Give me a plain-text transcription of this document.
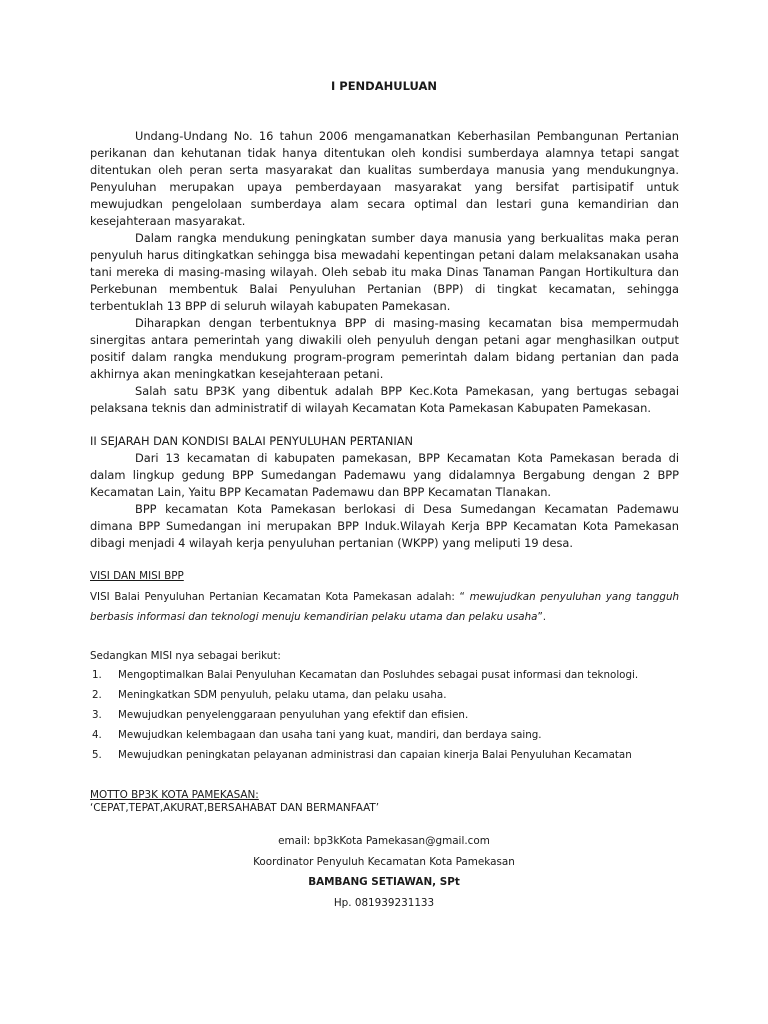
I PENDAHULUAN

Undang-Undang No. 16 tahun 2006 mengamanatkan Keberhasilan Pembangunan Pertanian perikanan dan kehutanan tidak hanya ditentukan oleh kondisi sumberdaya alamnya tetapi sangat ditentukan oleh peran serta masyarakat dan kualitas sumberdaya manusia yang mendukungnya. Penyuluhan merupakan upaya pemberdayaan masyarakat yang bersifat partisipatif untuk mewujudkan pengelolaan sumberdaya alam secara optimal dan lestari guna kemandirian dan kesejahteraan masyarakat.

Dalam rangka mendukung peningkatan sumber daya manusia yang berkualitas maka peran penyuluh harus ditingkatkan sehingga bisa mewadahi kepentingan petani dalam melaksanakan usaha tani mereka di masing-masing wilayah. Oleh sebab itu maka Dinas Tanaman Pangan Hortikultura dan Perkebunan membentuk Balai Penyuluhan Pertanian (BPP) di tingkat kecamatan, sehingga terbentuklah 13 BPP di seluruh wilayah kabupaten Pamekasan.

Diharapkan dengan terbentuknya BPP di masing-masing kecamatan bisa mempermudah sinergitas antara pemerintah yang diwakili oleh penyuluh dengan petani agar menghasilkan output positif dalam rangka mendukung program-program pemerintah dalam bidang pertanian dan pada akhirnya akan meningkatkan kesejahteraan petani.

Salah satu BP3K yang dibentuk adalah BPP Kec.Kota Pamekasan, yang bertugas sebagai pelaksana teknis dan administratif di wilayah Kecamatan Kota Pamekasan Kabupaten Pamekasan.

II SEJARAH DAN KONDISI BALAI PENYULUHAN PERTANIAN

Dari 13 kecamatan di kabupaten pamekasan, BPP Kecamatan Kota Pamekasan berada di dalam lingkup gedung BPP Sumedangan Pademawu yang didalamnya Bergabung dengan 2 BPP Kecamatan Lain, Yaitu BPP Kecamatan Pademawu dan BPP Kecamatan Tlanakan.

BPP kecamatan Kota Pamekasan berlokasi di Desa Sumedangan Kecamatan Pademawu dimana BPP Sumedangan ini merupakan BPP Induk.Wilayah Kerja BPP Kecamatan Kota Pamekasan dibagi menjadi 4 wilayah kerja penyuluhan pertanian (WKPP) yang meliputi 19 desa.

VISI DAN MISI BPP

VISI Balai Penyuluhan Pertanian Kecamatan Kota Pamekasan adalah: “ mewujudkan penyuluhan yang tangguh berbasis informasi dan teknologi menuju kemandirian pelaku utama dan pelaku usaha”.

Sedangkan MISI nya sebagai berikut:

1. Mengoptimalkan Balai Penyuluhan Kecamatan dan Posluhdes sebagai pusat informasi dan teknologi.
2. Meningkatkan SDM penyuluh, pelaku utama, dan pelaku usaha.
3. Mewujudkan penyelenggaraan penyuluhan yang efektif dan efisien.
4. Mewujudkan kelembagaan dan usaha tani yang kuat, mandiri, dan berdaya saing.
5. Mewujudkan peningkatan pelayanan administrasi dan capaian kinerja Balai Penyuluhan Kecamatan

MOTTO BP3K KOTA PAMEKASAN:

‘CEPAT,TEPAT,AKURAT,BERSAHABAT DAN BERMANFAAT’

email: bp3kKota Pamekasan@gmail.com

Koordinator Penyuluh Kecamatan Kota Pamekasan

BAMBANG SETIAWAN, SPt

Hp. 081939231133
